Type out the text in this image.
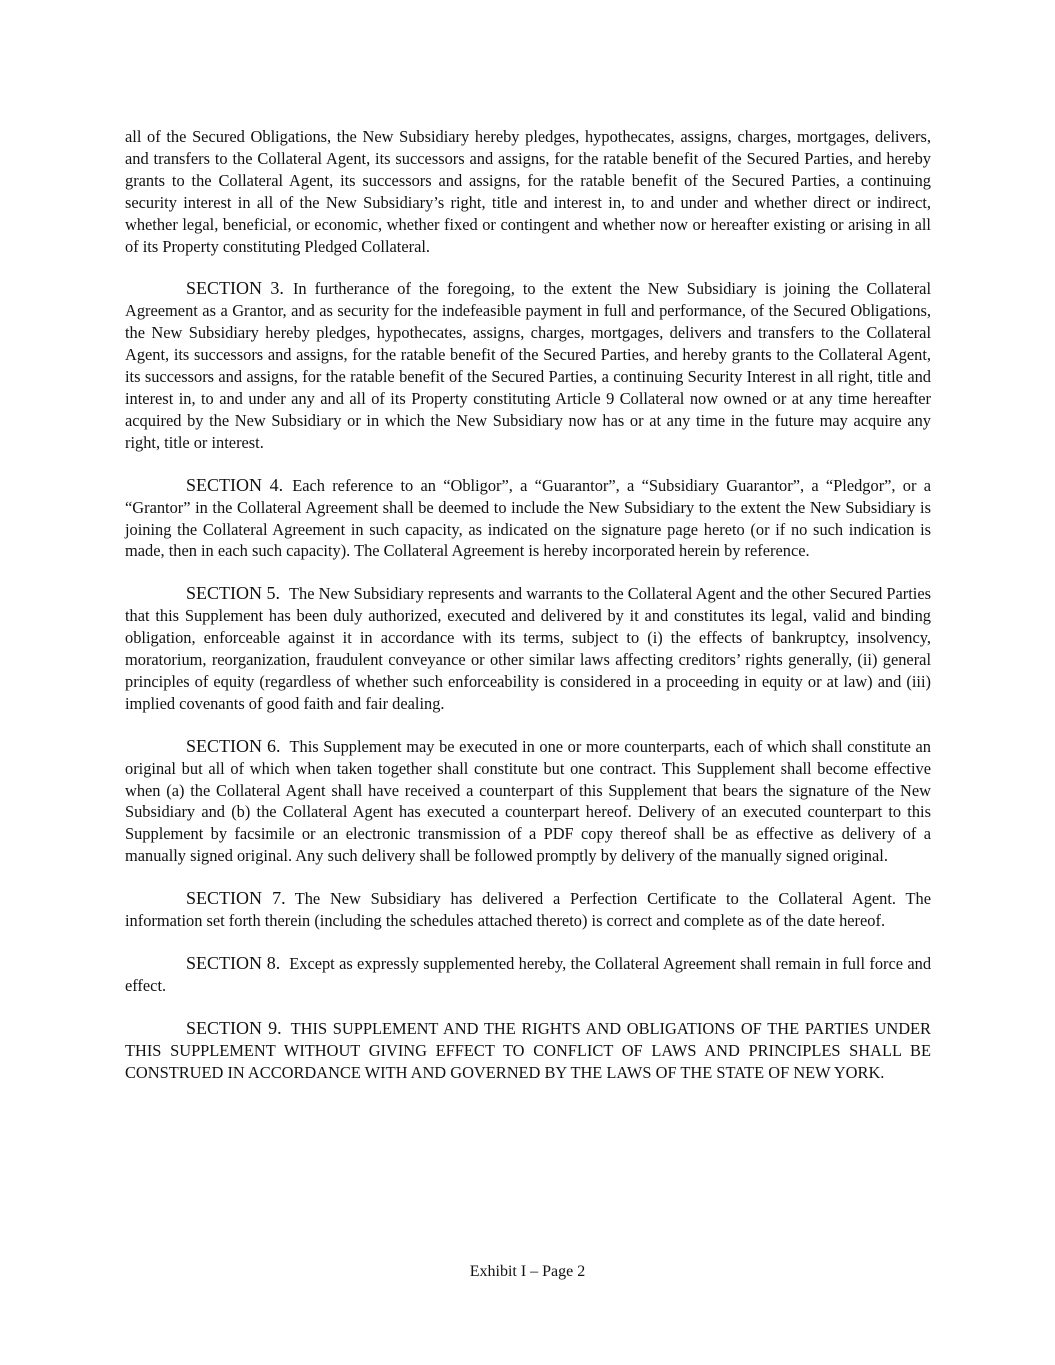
all of the Secured Obligations, the New Subsidiary hereby pledges, hypothecates, assigns, charges, mortgages, delivers, and transfers to the Collateral Agent, its successors and assigns, for the ratable benefit of the Secured Parties, and hereby grants to the Collateral Agent, its successors and assigns, for the ratable benefit of the Secured Parties, a continuing security interest in all of the New Subsidiary’s right, title and interest in, to and under and whether direct or indirect, whether legal, beneficial, or economic, whether fixed or contingent and whether now or hereafter existing or arising in all of its Property constituting Pledged Collateral.

SECTION 3. In furtherance of the foregoing, to the extent the New Subsidiary is joining the Collateral Agreement as a Grantor, and as security for the indefeasible payment in full and performance, of the Secured Obligations, the New Subsidiary hereby pledges, hypothecates, assigns, charges, mortgages, delivers and transfers to the Collateral Agent, its successors and assigns, for the ratable benefit of the Secured Parties, and hereby grants to the Collateral Agent, its successors and assigns, for the ratable benefit of the Secured Parties, a continuing Security Interest in all right, title and interest in, to and under any and all of its Property constituting Article 9 Collateral now owned or at any time hereafter acquired by the New Subsidiary or in which the New Subsidiary now has or at any time in the future may acquire any right, title or interest.

SECTION 4. Each reference to an “Obligor”, a “Guarantor”, a “Subsidiary Guarantor”, a “Pledgor”, or a “Grantor” in the Collateral Agreement shall be deemed to include the New Subsidiary to the extent the New Subsidiary is joining the Collateral Agreement in such capacity, as indicated on the signature page hereto (or if no such indication is made, then in each such capacity). The Collateral Agreement is hereby incorporated herein by reference.

SECTION 5. The New Subsidiary represents and warrants to the Collateral Agent and the other Secured Parties that this Supplement has been duly authorized, executed and delivered by it and constitutes its legal, valid and binding obligation, enforceable against it in accordance with its terms, subject to (i) the effects of bankruptcy, insolvency, moratorium, reorganization, fraudulent conveyance or other similar laws affecting creditors’ rights generally, (ii) general principles of equity (regardless of whether such enforceability is considered in a proceeding in equity or at law) and (iii) implied covenants of good faith and fair dealing.

SECTION 6. This Supplement may be executed in one or more counterparts, each of which shall constitute an original but all of which when taken together shall constitute but one contract. This Supplement shall become effective when (a) the Collateral Agent shall have received a counterpart of this Supplement that bears the signature of the New Subsidiary and (b) the Collateral Agent has executed a counterpart hereof. Delivery of an executed counterpart to this Supplement by facsimile or an electronic transmission of a PDF copy thereof shall be as effective as delivery of a manually signed original. Any such delivery shall be followed promptly by delivery of the manually signed original.

SECTION 7. The New Subsidiary has delivered a Perfection Certificate to the Collateral Agent. The information set forth therein (including the schedules attached thereto) is correct and complete as of the date hereof.

SECTION 8. Except as expressly supplemented hereby, the Collateral Agreement shall remain in full force and effect.

SECTION 9. THIS SUPPLEMENT AND THE RIGHTS AND OBLIGATIONS OF THE PARTIES UNDER THIS SUPPLEMENT WITHOUT GIVING EFFECT TO CONFLICT OF LAWS AND PRINCIPLES SHALL BE CONSTRUED IN ACCORDANCE WITH AND GOVERNED BY THE LAWS OF THE STATE OF NEW YORK.

Exhibit I – Page 2
